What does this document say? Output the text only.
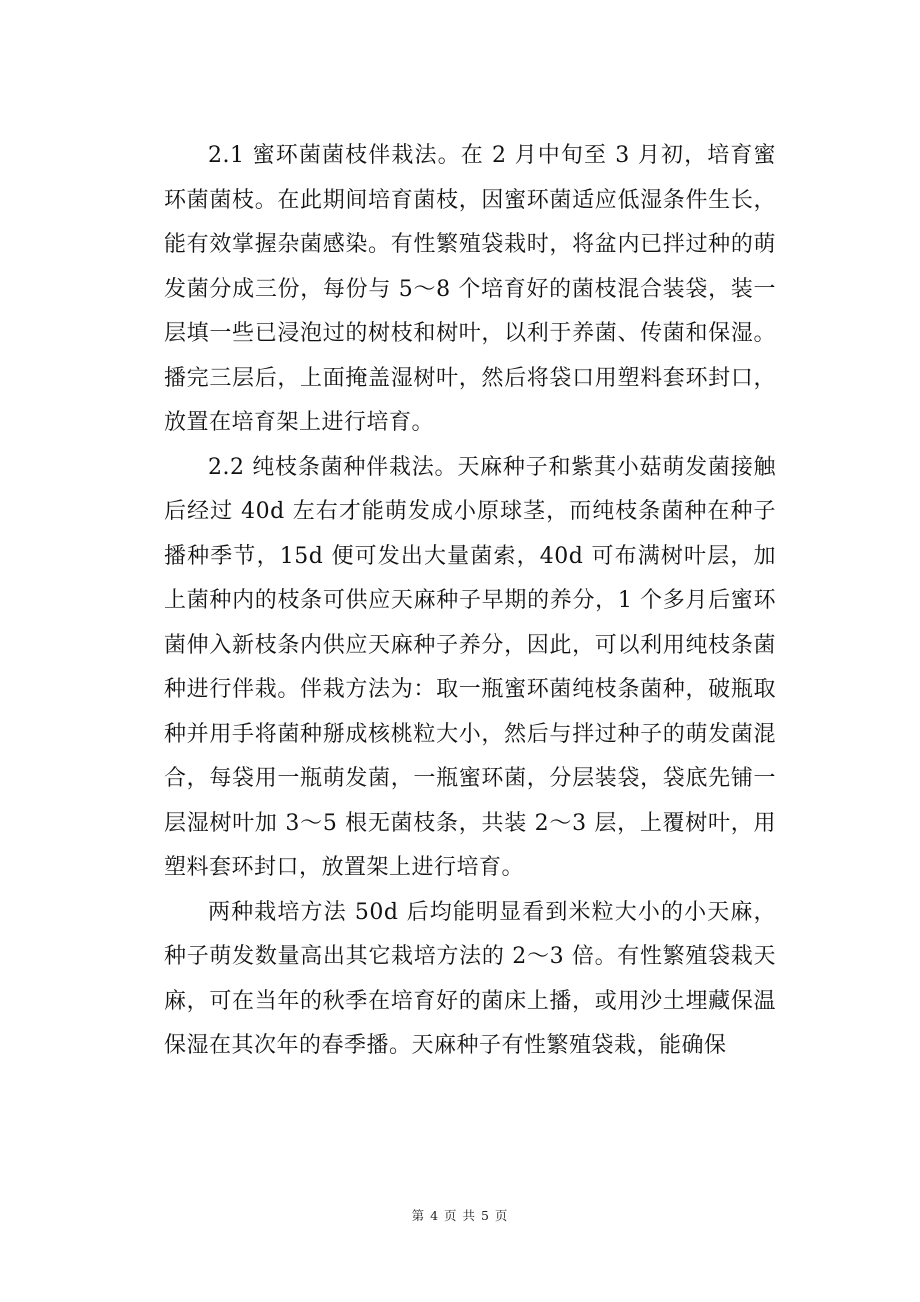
2.1 蜜环菌菌枝伴栽法。在 2 月中旬至 3 月初，培育蜜环菌菌枝。在此期间培育菌枝，因蜜环菌适应低湿条件生长，能有效掌握杂菌感染。有性繁殖袋栽时，将盆内已拌过种的萌发菌分成三份，每份与 5～8 个培育好的菌枝混合装袋，装一层填一些已浸泡过的树枝和树叶，以利于养菌、传菌和保湿。播完三层后，上面掩盖湿树叶，然后将袋口用塑料套环封口，放置在培育架上进行培育。

2.2 纯枝条菌种伴栽法。天麻种子和紫萁小菇萌发菌接触后经过 40d 左右才能萌发成小原球茎，而纯枝条菌种在种子播种季节，15d 便可发出大量菌索，40d 可布满树叶层，加上菌种内的枝条可供应天麻种子早期的养分，1 个多月后蜜环菌伸入新枝条内供应天麻种子养分，因此，可以利用纯枝条菌种进行伴栽。伴栽方法为：取一瓶蜜环菌纯枝条菌种，破瓶取种并用手将菌种掰成核桃粒大小，然后与拌过种子的萌发菌混合，每袋用一瓶萌发菌，一瓶蜜环菌，分层装袋，袋底先铺一层湿树叶加 3～5 根无菌枝条，共装 2～3 层，上覆树叶，用塑料套环封口，放置架上进行培育。

两种栽培方法 50d 后均能明显看到米粒大小的小天麻，种子萌发数量高出其它栽培方法的 2～3 倍。有性繁殖袋栽天麻，可在当年的秋季在培育好的菌床上播，或用沙土埋藏保温保湿在其次年的春季播。天麻种子有性繁殖袋栽，能确保

第 4 页 共 5 页
